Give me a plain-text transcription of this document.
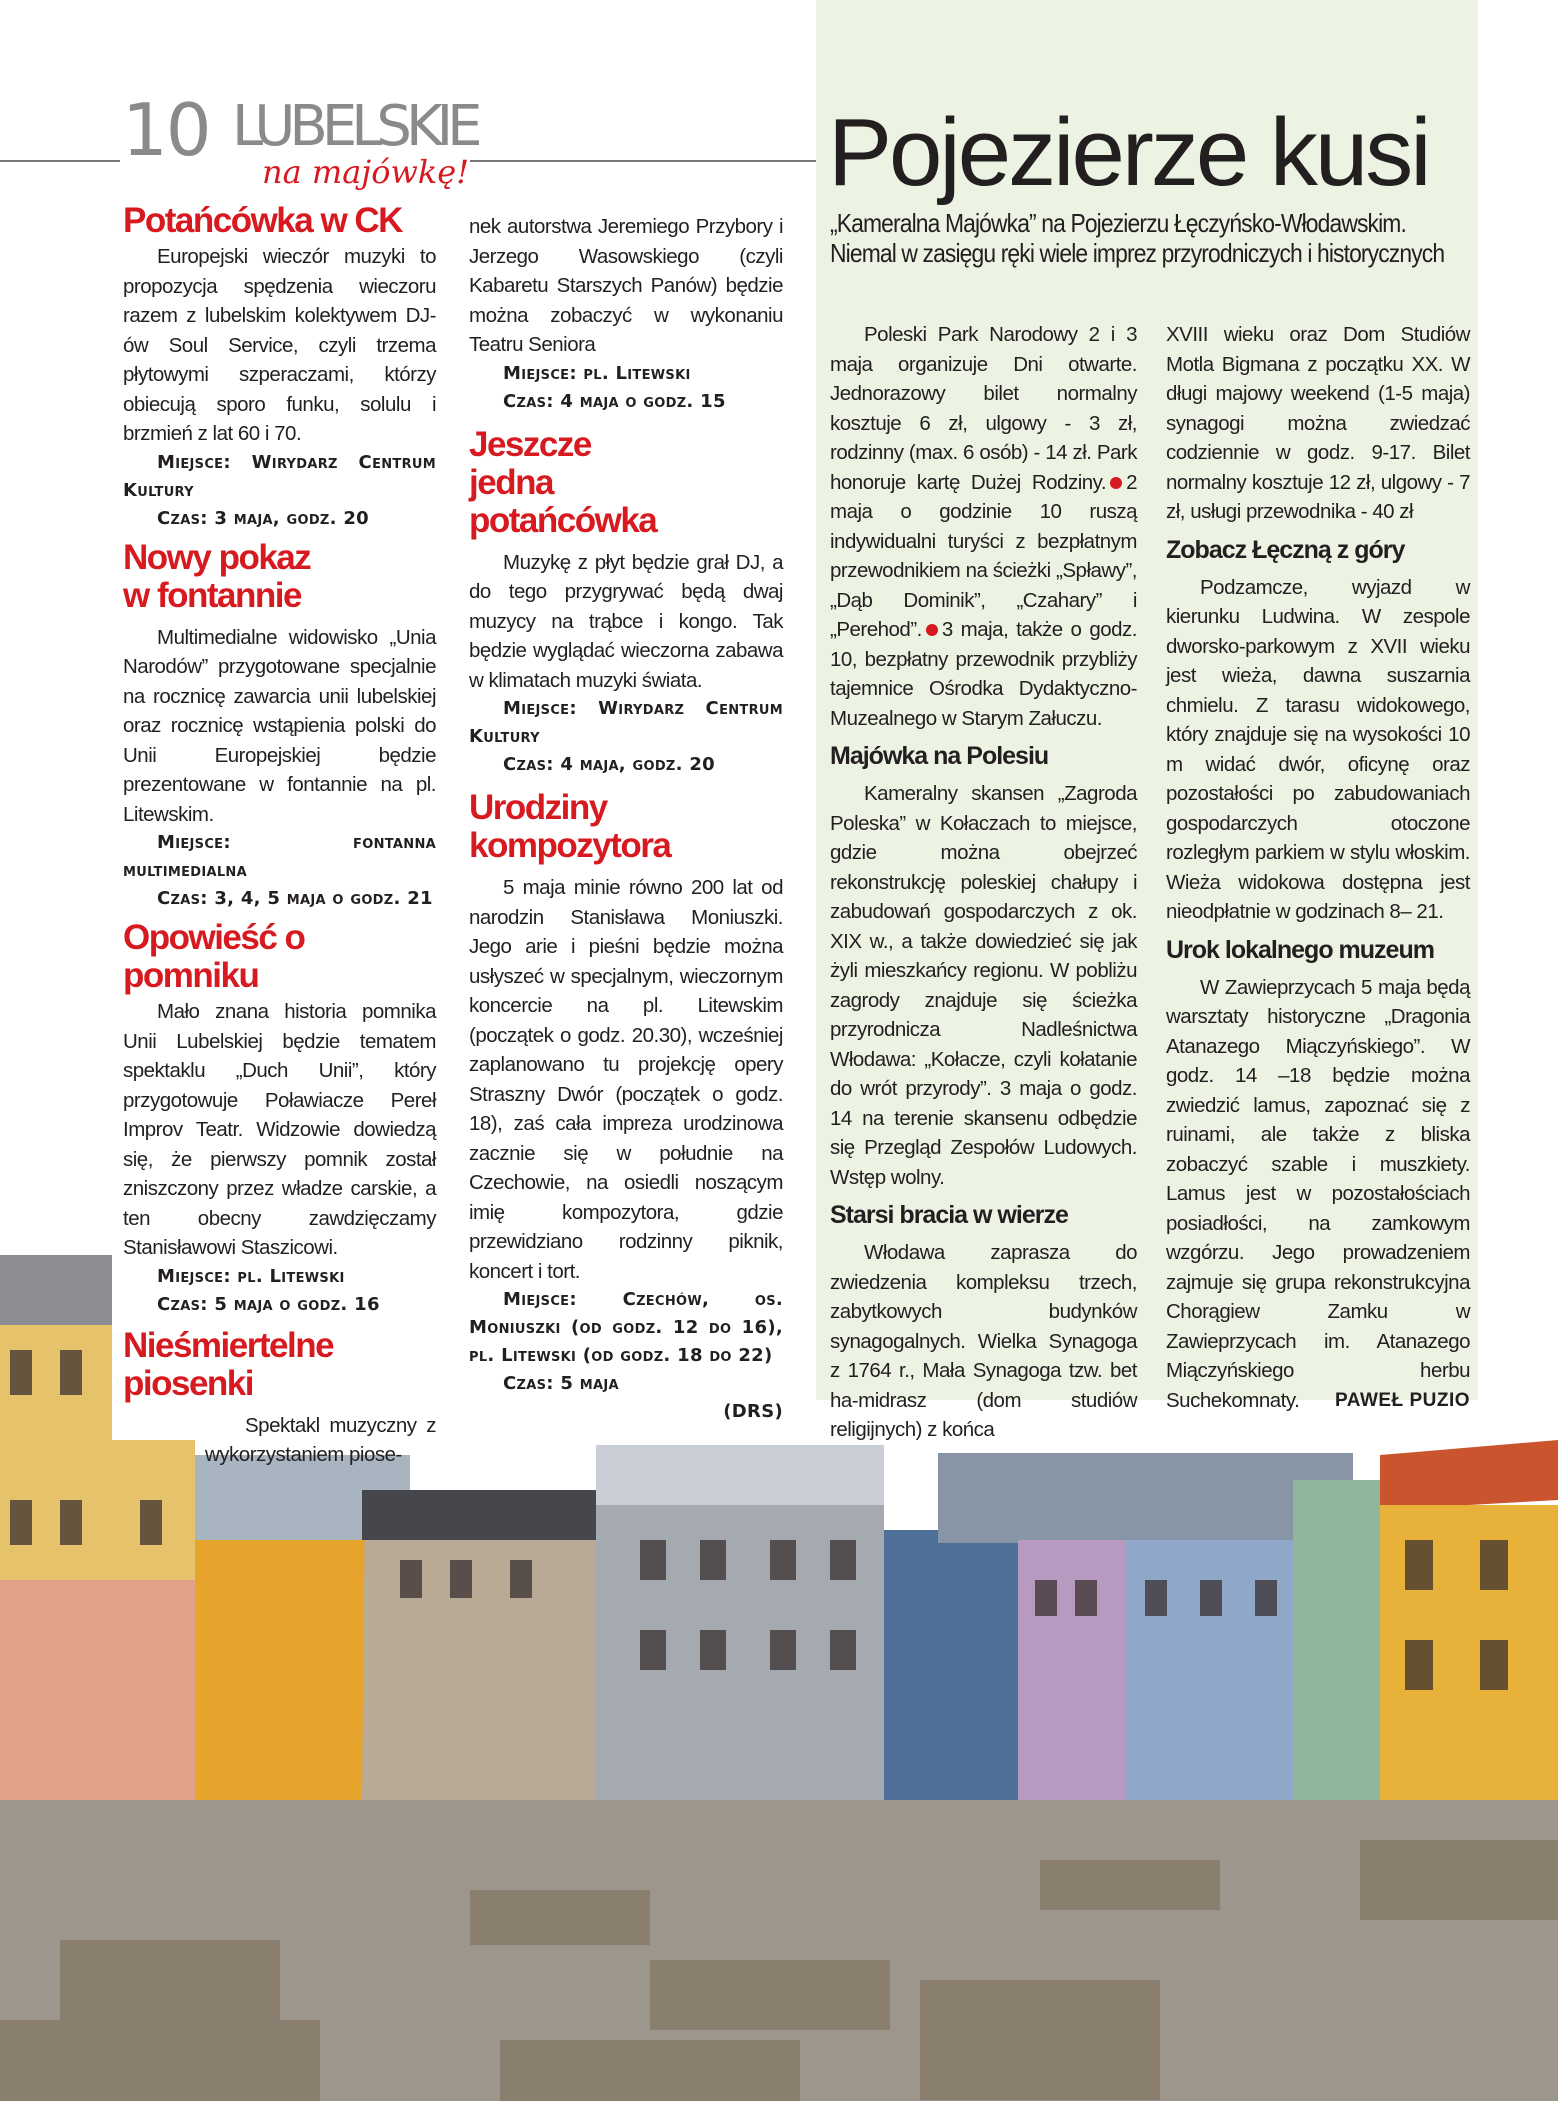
10 LUBELSKIE
na majówkę!
Potańcówka w CK

Europejski wieczór muzyki to propozycja spędzenia wieczoru razem z lubelskim kolektywem DJ-ów Soul Service, czyli trzema płytowymi szperaczami, którzy obiecują sporo funku, solulu i brzmień z lat 60 i 70.

Miejsce: Wirydarz Centrum Kultury

Czas: 3 maja, godz. 20

Nowy pokaz w fontannie

Multimedialne widowisko „Unia Narodów” przygotowane specjalnie na rocznicę zawarcia unii lubelskiej oraz rocznicę wstąpienia polski do Unii Europejskiej będzie prezentowane w fontannie na pl. Litewskim.

Miejsce: fontanna multimedialna

Czas: 3, 4, 5 maja o godz. 21

Opowieść o pomniku

Mało znana historia pomnika Unii Lubelskiej będzie tematem spektaklu „Duch Unii”, który przygotowuje Poławiacze Pereł Improv Teatr. Widzowie dowiedzą się, że pierwszy pomnik został zniszczony przez władze carskie, a ten obecny zawdzięczamy Stanisławowi Staszicowi.

Miejsce: pl. Litewski

Czas: 5 maja o godz. 16

Nieśmiertelne piosenki

Spektakl muzyczny z wykorzystaniem piose-

nek autorstwa Jeremiego Przybory i Jerzego Wasowskiego (czyli Kabaretu Starszych Panów) będzie można zobaczyć w wykonaniu Teatru Seniora

Miejsce: pl. Litewski

Czas: 4 maja o godz. 15

Jeszcze jedna potańcówka

Muzykę z płyt będzie grał DJ, a do tego przygrywać będą dwaj muzycy na trąbce i kongo. Tak będzie wyglądać wieczorna zabawa w klimatach muzyki świata.

Miejsce: Wirydarz Centrum Kultury

Czas: 4 maja, godz. 20

Urodziny kompozytora

5 maja minie równo 200 lat od narodzin Stanisława Moniuszki. Jego arie i pieśni będzie można usłyszeć w specjalnym, wieczornym koncercie na pl. Litewskim (początek o godz. 20.30), wcześniej zaplanowano tu projekcję opery Straszny Dwór (początek o godz. 18), zaś cała impreza urodzinowa zacznie się w południe na Czechowie, na osiedli noszącym imię kompozytora, gdzie przewidziano rodzinny piknik, koncert i tort.

Miejsce: Czechów, os. Moniuszki (od godz. 12 do 16), pl. Litewski (od godz. 18 do 22)

Czas: 5 maja

(DRS)

Pojezierze kusi
„Kameralna Majówka” na Pojezierzu Łęczyńsko-Włodawskim. Niemal w zasięgu ręki wiele imprez przyrodniczych i historycznych

Poleski Park Narodowy 2 i 3 maja organizuje Dni otwarte. Jednorazowy bilet normalny kosztuje 6 zł, ulgowy - 3 zł, rodzinny (max. 6 osób) - 14 zł. Park honoruje kartę Dużej Rodziny. 2 maja o godzinie 10 ruszą indywidualni turyści z bezpłatnym przewodnikiem na ścieżki „Spławy”, „Dąb Dominik”, „Czahary” i „Perehod”. 3 maja, także o godz. 10, bezpłatny przewodnik przybliży tajemnice Ośrodka Dydaktyczno-Muzealnego w Starym Załuczu.

Majówka na Polesiu

Kameralny skansen „Zagroda Poleska” w Kołaczach to miejsce, gdzie można obejrzeć rekonstrukcję poleskiej chałupy i zabudowań gospodarczych z ok. XIX w., a także dowiedzieć się jak żyli mieszkańcy regionu. W pobliżu zagrody znajduje się ścieżka przyrodnicza Nadleśnictwa Włodawa: „Kołacze, czyli kołatanie do wrót przyrody”. 3 maja o godz. 14 na terenie skansenu odbędzie się Przegląd Zespołów Ludowych. Wstęp wolny.

Starsi bracia w wierze

Włodawa zaprasza do zwiedzenia kompleksu trzech, zabytkowych budynków synagogalnych. Wielka Synagoga z 1764 r., Mała Synagoga tzw. bet ha-midrasz (dom studiów religijnych) z końca

XVIII wieku oraz Dom Studiów Motla Bigmana z początku XX. W długi majowy weekend (1-5 maja) synagogi można zwiedzać codziennie w godz. 9-17. Bilet normalny kosztuje 12 zł, ulgowy - 7 zł, usługi przewodnika - 40 zł

Zobacz Łęczną z góry

Podzamcze, wyjazd w kierunku Ludwina. W zespole dworsko-parkowym z XVII wieku jest wieża, dawna suszarnia chmielu. Z tarasu widokowego, który znajduje się na wysokości 10 m widać dwór, oficynę oraz pozostałości po zabudowaniach gospodarczych otoczone rozległym parkiem w stylu włoskim. Wieża widokowa dostępna jest nieodpłatnie w godzinach 8– 21.

Urok lokalnego muzeum

W Zawieprzycach 5 maja będą warsztaty historyczne „Dragonia Atanazego Miączyńskiego”. W godz. 14 –18 będzie można zwiedzić lamus, zapoznać się z ruinami, ale także z bliska zobaczyć szable i muszkiety. Lamus jest w pozostałościach posiadłości, na zamkowym wzgórzu. Jego prowadzeniem zajmuje się grupa rekonstrukcyjna Chorągiew Zamku w Zawieprzycach im. Atanazego Miączyńskiego herbu Suchekomnaty.	PAWEŁ PUZIO
